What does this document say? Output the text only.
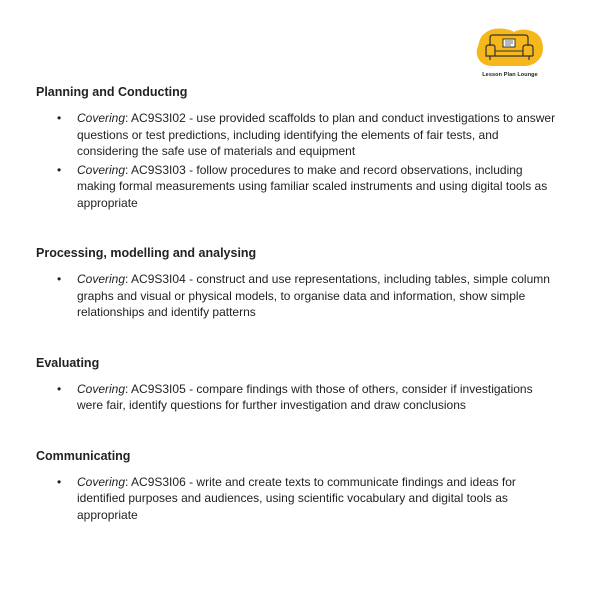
Lesson Plan Lounge
Planning and Conducting
• Covering: AC9S3I02 - use provided scaffolds to plan and conduct investigations to answer questions or test predictions, including identifying the elements of fair tests, and considering the safe use of materials and equipment
• Covering: AC9S3I03 - follow procedures to make and record observations, including making formal measurements using familiar scaled instruments and using digital tools as appropriate
Processing, modelling and analysing
• Covering: AC9S3I04 - construct and use representations, including tables, simple column graphs and visual or physical models, to organise data and information, show simple relationships and identify patterns
Evaluating
• Covering: AC9S3I05 - compare findings with those of others, consider if investigations were fair, identify questions for further investigation and draw conclusions
Communicating
• Covering: AC9S3I06 - write and create texts to communicate findings and ideas for identified purposes and audiences, using scientific vocabulary and digital tools as appropriate
